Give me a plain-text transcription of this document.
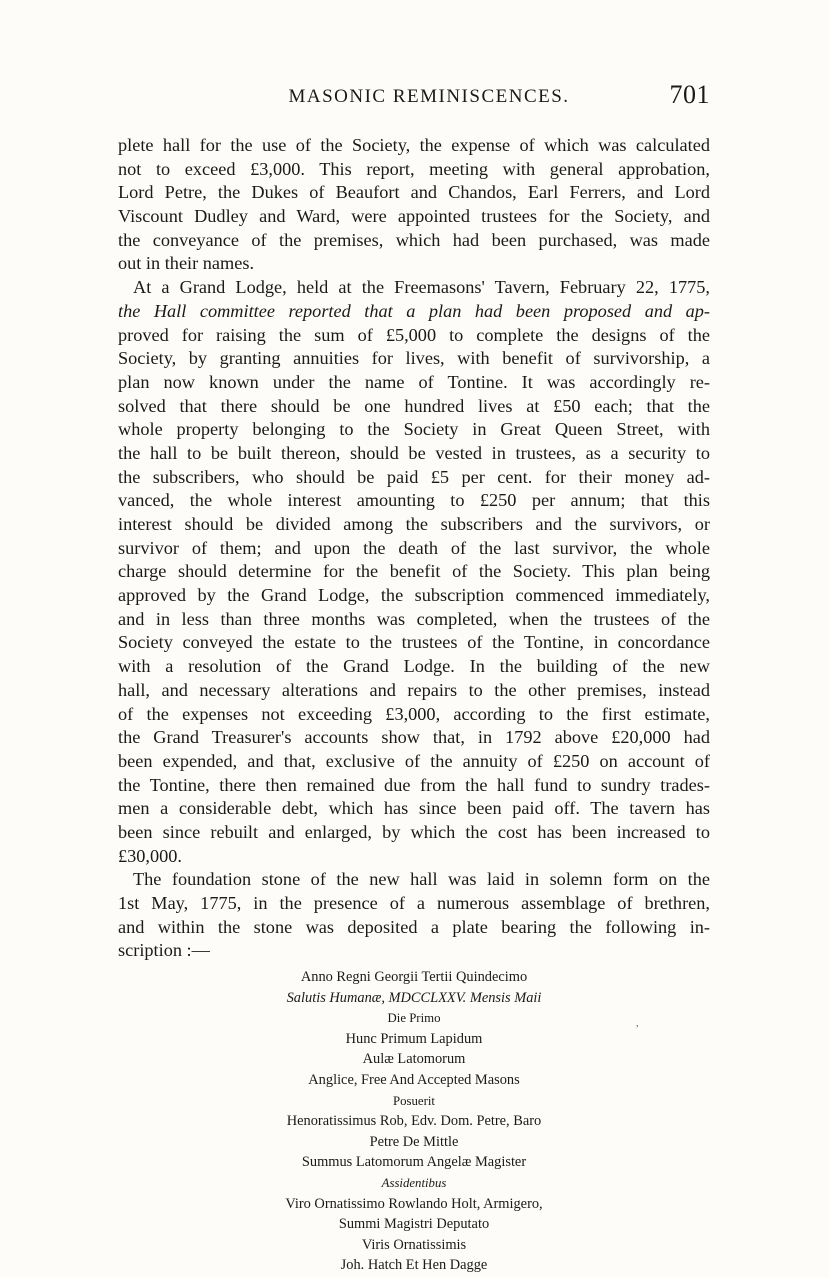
MASONIC REMINISCENCES.	701
plete hall for the use of the Society, the expense of which was calculated
not to exceed £3,000. This report, meeting with general approbation,
Lord Petre, the Dukes of Beaufort and Chandos, Earl Ferrers, and Lord
Viscount Dudley and Ward, were appointed trustees for the Society, and
the conveyance of the premises, which had been purchased, was made
out in their names.
At a Grand Lodge, held at the Freemasons' Tavern, February 22, 1775,
the Hall committee reported that a plan had been proposed and ap-
proved for raising the sum of £5,000 to complete the designs of the
Society, by granting annuities for lives, with benefit of survivorship, a
plan now known under the name of Tontine. It was accordingly re-
solved that there should be one hundred lives at £50 each; that the
whole property belonging to the Society in Great Queen Street, with
the hall to be built thereon, should be vested in trustees, as a security to
the subscribers, who should be paid £5 per cent. for their money ad-
vanced, the whole interest amounting to £250 per annum; that this
interest should be divided among the subscribers and the survivors, or
survivor of them; and upon the death of the last survivor, the whole
charge should determine for the benefit of the Society. This plan being
approved by the Grand Lodge, the subscription commenced immediately,
and in less than three months was completed, when the trustees of the
Society conveyed the estate to the trustees of the Tontine, in concordance
with a resolution of the Grand Lodge. In the building of the new
hall, and necessary alterations and repairs to the other premises, instead
of the expenses not exceeding £3,000, according to the first estimate,
the Grand Treasurer's accounts show that, in 1792 above £20,000 had
been expended, and that, exclusive of the annuity of £250 on account of
the Tontine, there then remained due from the hall fund to sundry trades-
men a considerable debt, which has since been paid off. The tavern has
been since rebuilt and enlarged, by which the cost has been increased to
£30,000.
The foundation stone of the new hall was laid in solemn form on the
1st May, 1775, in the presence of a numerous assemblage of brethren,
and within the stone was deposited a plate bearing the following in-
scription :—
Anno Regni Georgii Tertii Quindecimo
Salutis Humanæ, MDCCLXXV. Mensis Maii
Die Primo
Hunc Primum Lapidum
Aulæ Latomorum
Anglice, Free And Accepted Masons
Posuerit
Henoratissimus Rob, Edv. Dom. Petre, Baro
Petre De Mittle
Summus Latomorum Angelæ Magister
Assidentibus
Viro Ornatissimo Rowlando Holt, Armigero,
Summi Magistri Deputato
Viris Ornatissimis
Joh. Hatch Et Hen Dagge
,
